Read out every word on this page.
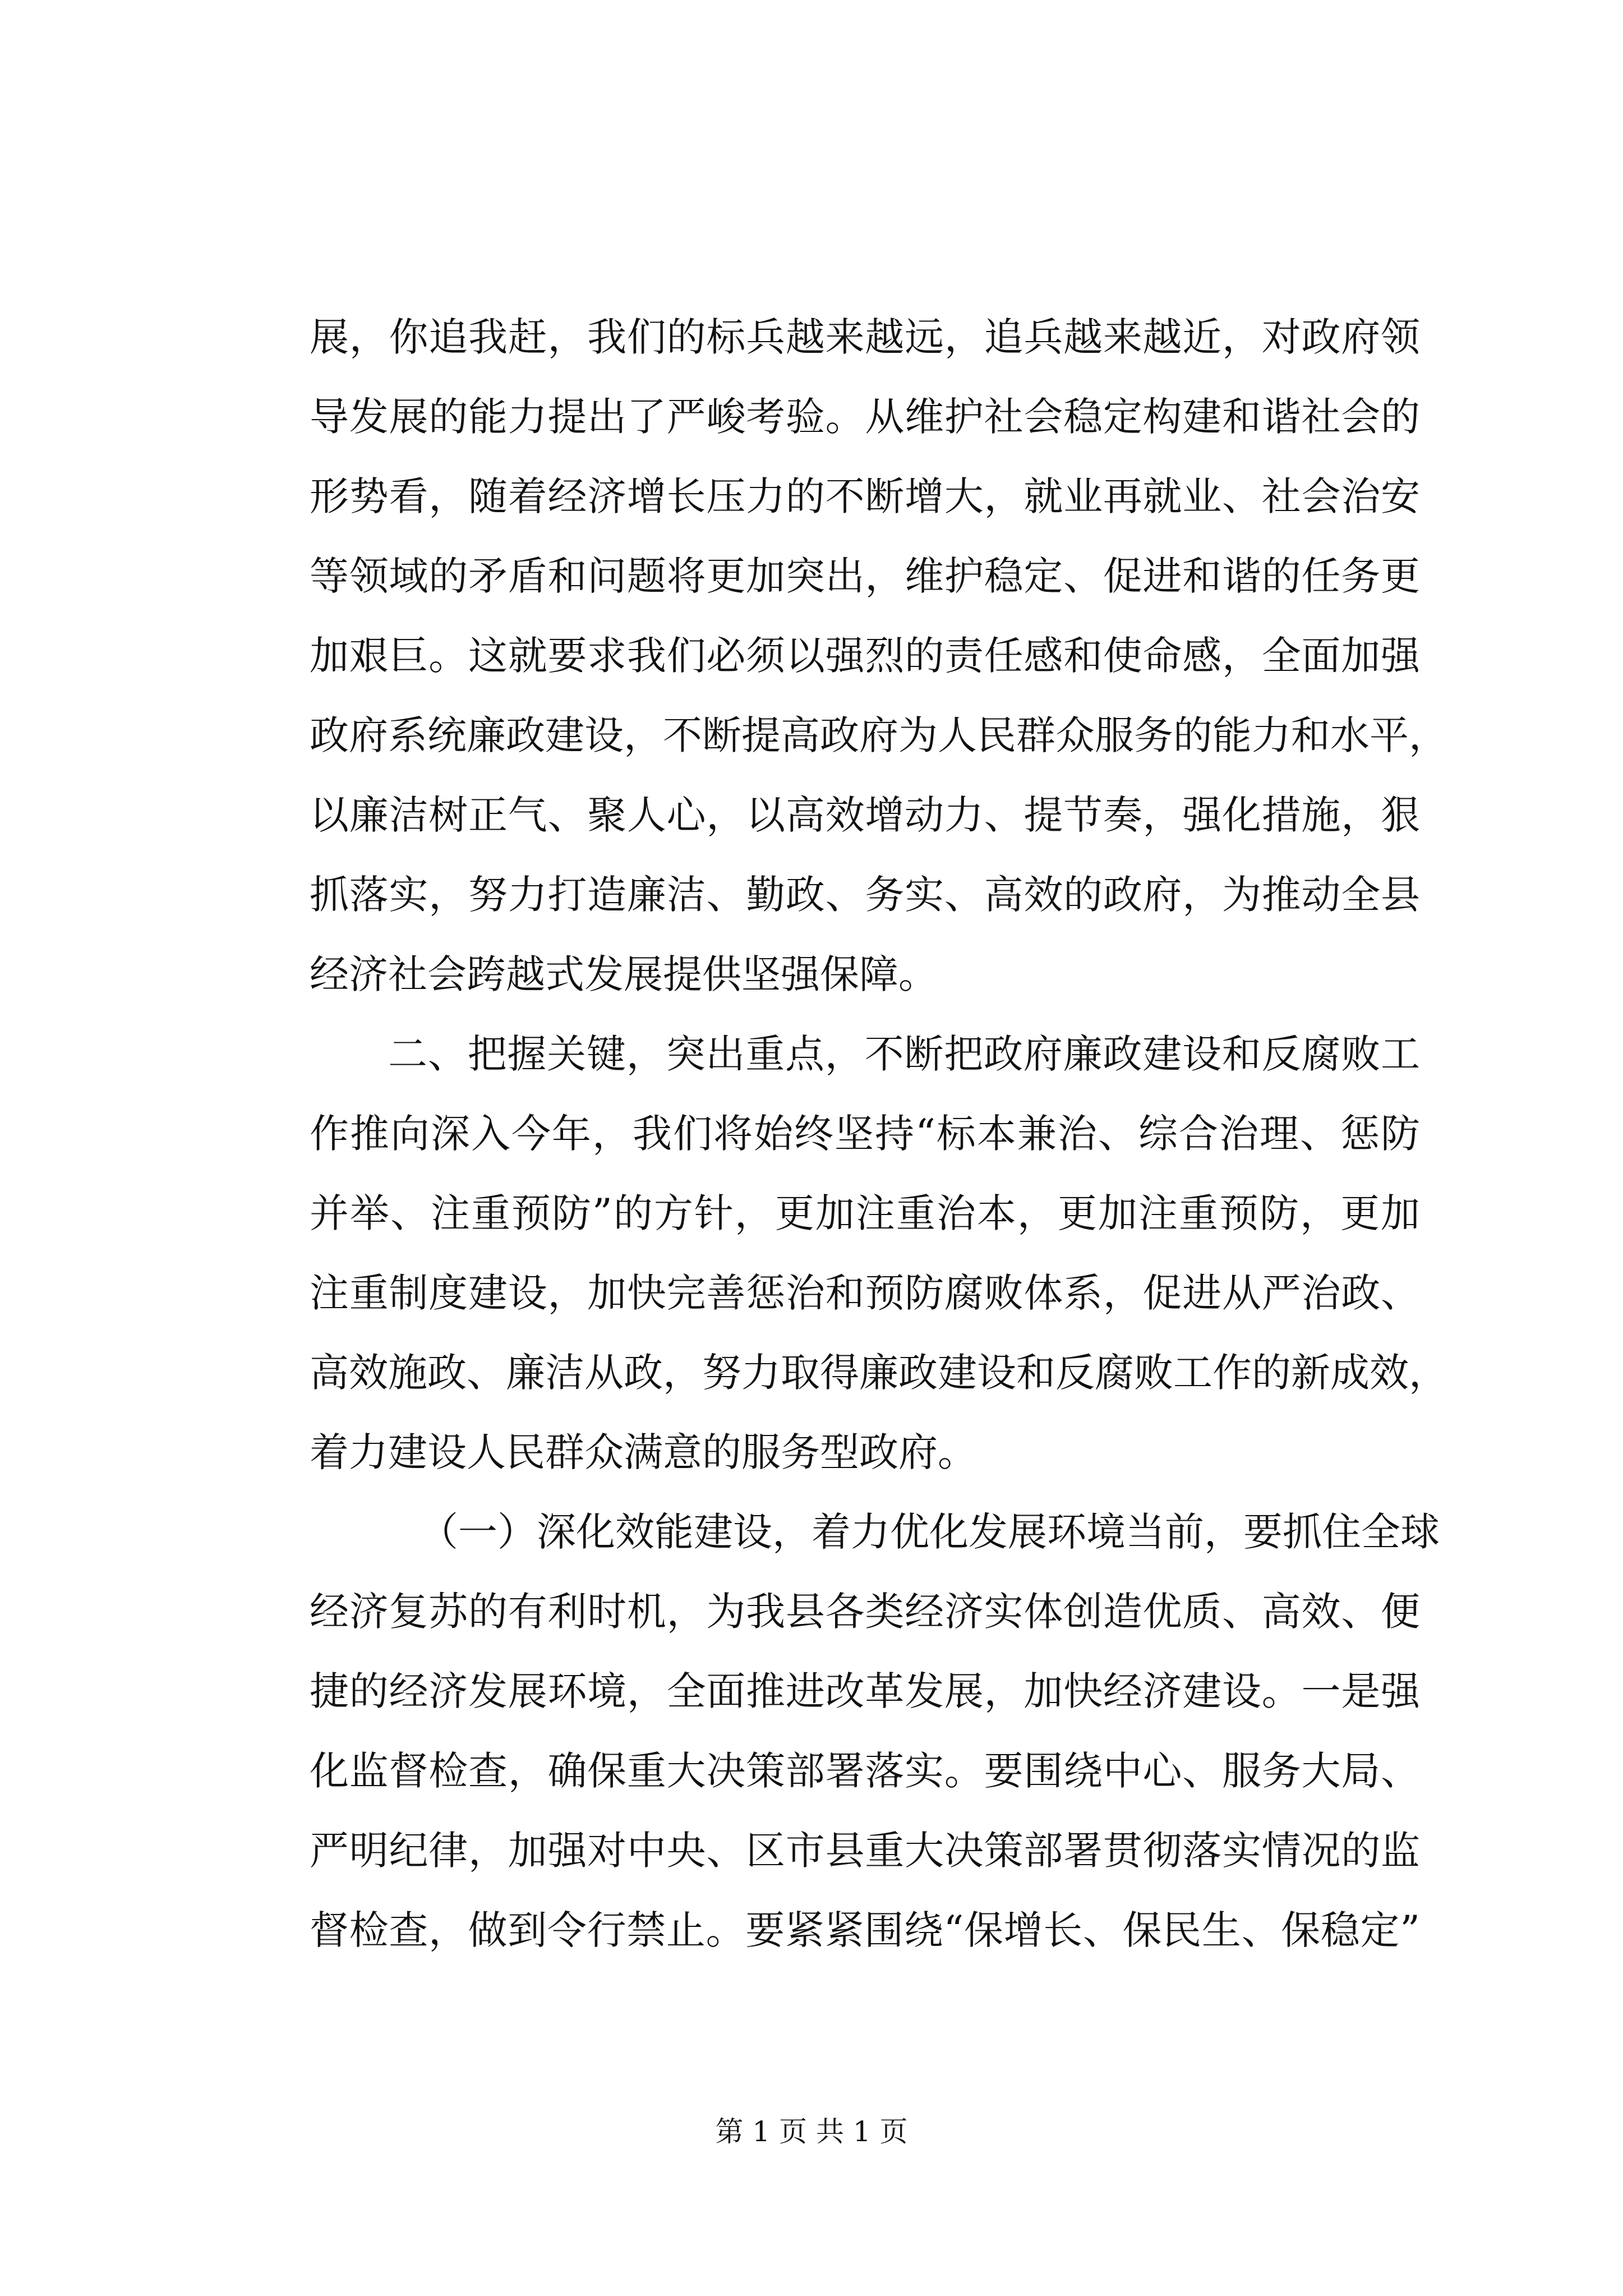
展，你追我赶，我们的标兵越来越远，追兵越来越近，对政府领
导发展的能力提出了严峻考验。从维护社会稳定构建和谐社会的
形势看，随着经济增长压力的不断增大，就业再就业、社会治安
等领域的矛盾和问题将更加突出，维护稳定、促进和谐的任务更
加艰巨。这就要求我们必须以强烈的责任感和使命感，全面加强
政府系统廉政建设，不断提高政府为人民群众服务的能力和水平，
以廉洁树正气、聚人心，以高效增动力、提节奏，强化措施，狠
抓落实，努力打造廉洁、勤政、务实、高效的政府，为推动全县
经济社会跨越式发展提供坚强保障。
二、把握关键，突出重点，不断把政府廉政建设和反腐败工
作推向深入今年，我们将始终坚持“标本兼治、综合治理、惩防
并举、注重预防”的方针，更加注重治本，更加注重预防，更加
注重制度建设，加快完善惩治和预防腐败体系，促进从严治政、
高效施政、廉洁从政，努力取得廉政建设和反腐败工作的新成效，
着力建设人民群众满意的服务型政府。
（一）深化效能建设，着力优化发展环境当前，要抓住全球
经济复苏的有利时机，为我县各类经济实体创造优质、高效、便
捷的经济发展环境，全面推进改革发展，加快经济建设。一是强
化监督检查，确保重大决策部署落实。要围绕中心、服务大局、
严明纪律，加强对中央、区市县重大决策部署贯彻落实情况的监
督检查，做到令行禁止。要紧紧围绕“保增长、保民生、保稳定”
第 1 页 共 1 页
